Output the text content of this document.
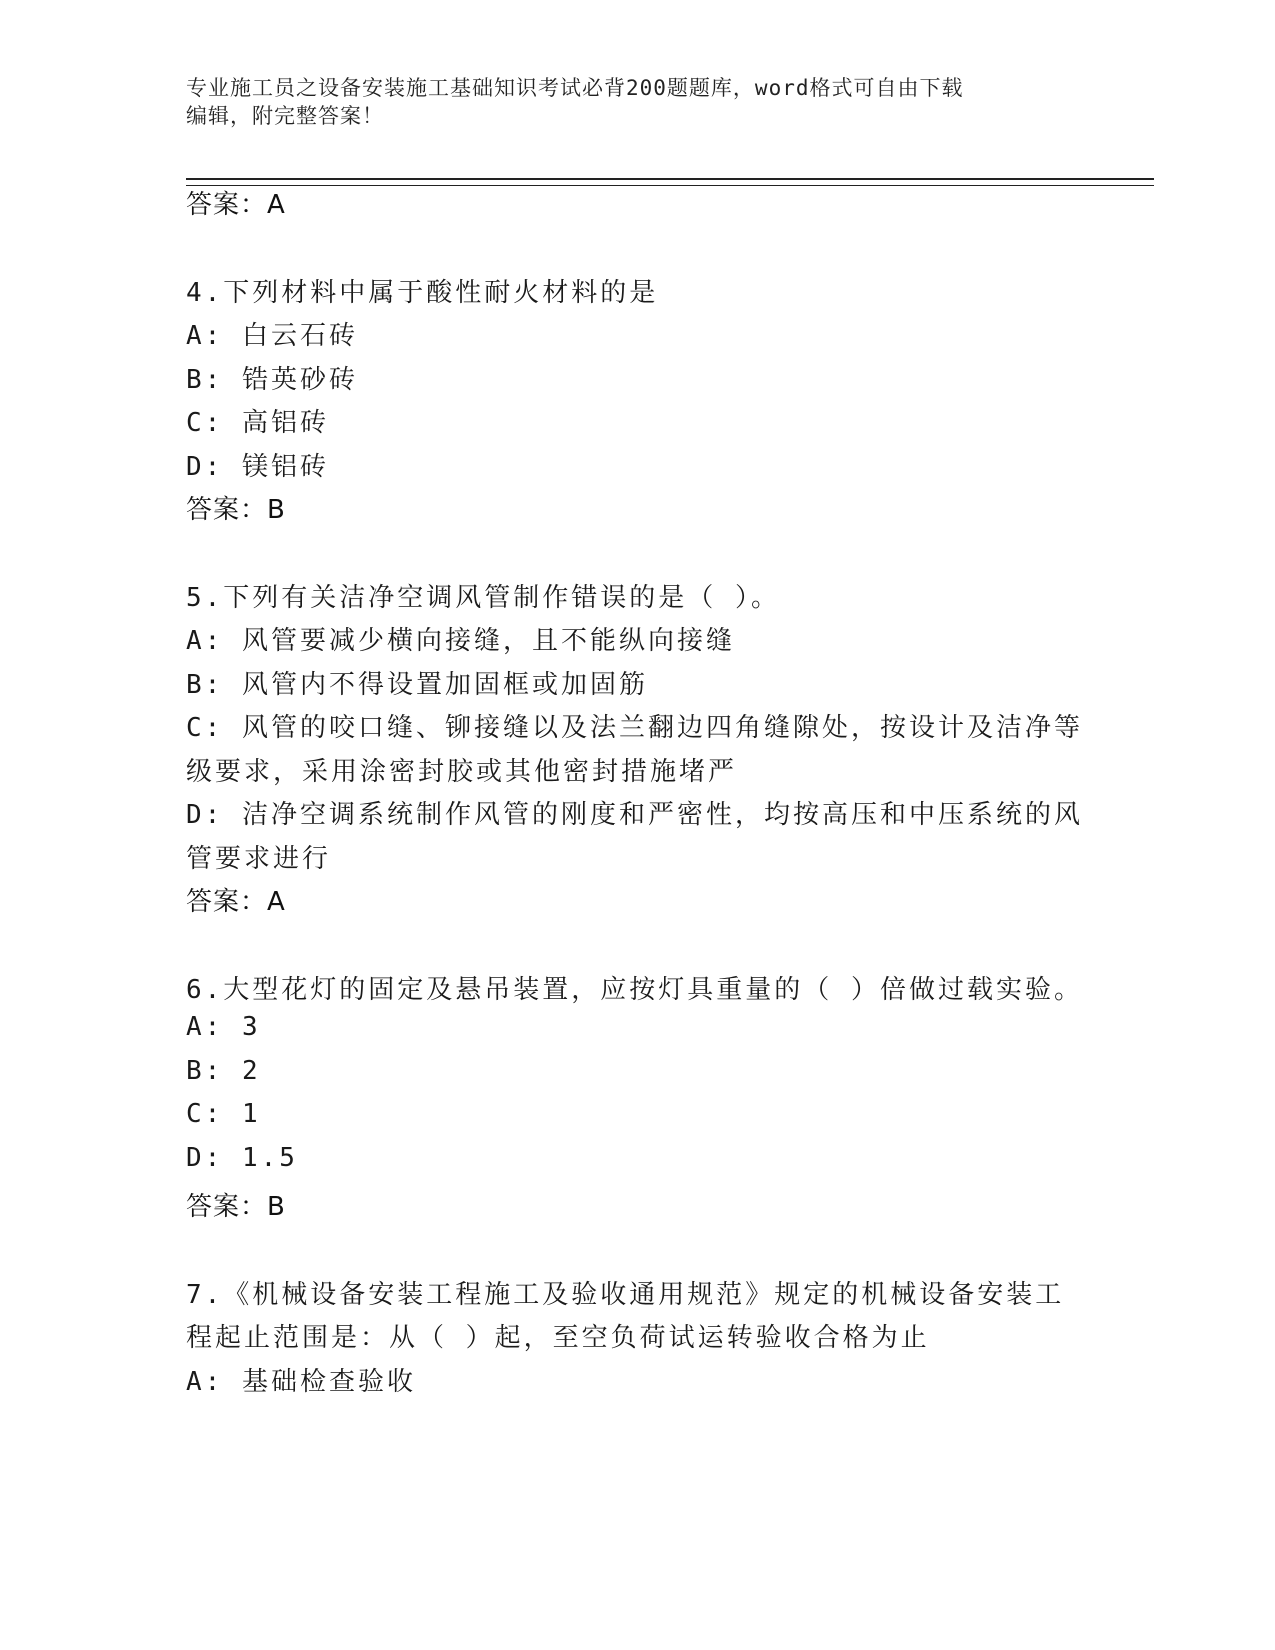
专业施工员之设备安装施工基础知识考试必背200题题库，word格式可自由下载
编辑，附完整答案！
答案：A
4.下列材料中属于酸性耐火材料的是
A: 白云石砖
B: 锆英砂砖
C: 高铝砖
D: 镁铝砖
答案：B
5.下列有关洁净空调风管制作错误的是（ ）。
A: 风管要减少横向接缝，且不能纵向接缝
B: 风管内不得设置加固框或加固筋
C: 风管的咬口缝、铆接缝以及法兰翻边四角缝隙处，按设计及洁净等
级要求，采用涂密封胶或其他密封措施堵严
D: 洁净空调系统制作风管的刚度和严密性，均按高压和中压系统的风
管要求进行
答案：A
6.大型花灯的固定及悬吊装置，应按灯具重量的（ ）倍做过载实验。
A: 3
B: 2
C: 1
D: 1.5
答案：B
7.《机械设备安装工程施工及验收通用规范》规定的机械设备安装工
程起止范围是：从（ ）起，至空负荷试运转验收合格为止
A: 基础检查验收
